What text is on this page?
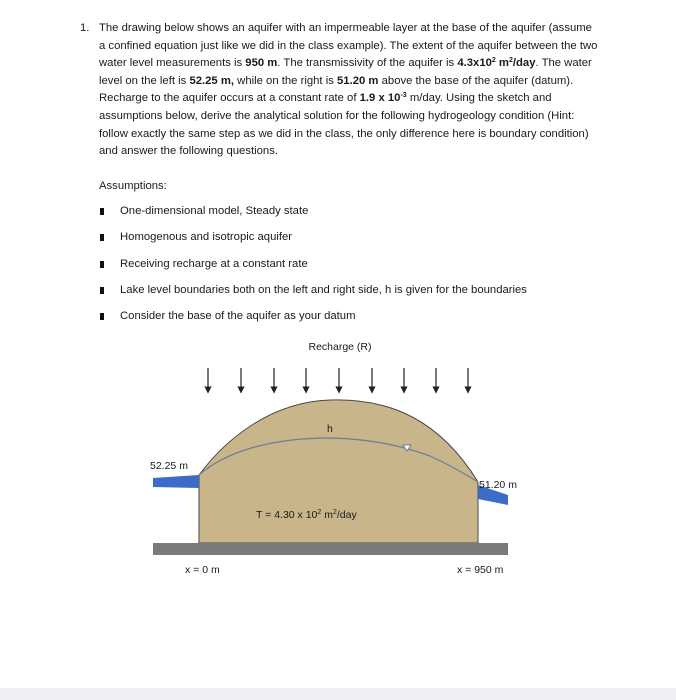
1. The drawing below shows an aquifer with an impermeable layer at the base of the aquifer (assume a confined equation just like we did in the class example). The extent of the aquifer between the two water level measurements is 950 m. The transmissivity of the aquifer is $4.3x10^2$ $m^2$/day. The water level on the left is 52.25 m, while on the right is 51.20 m above the base of the aquifer (datum). Recharge to the aquifer occurs at a constant rate of 1.9 x $10^{-3}$ m/day. Using the sketch and assumptions below, derive the analytical solution for the following hydrogeology condition (Hint: follow exactly the same step as we did in the class, the only difference here is boundary condition) and answer the following questions.
Assumptions:
One-dimensional model, Steady state
Homogenous and isotropic aquifer
Receiving recharge at a constant rate
Lake level boundaries both on the left and right side, h is given for the boundaries
Consider the base of the aquifer as your datum
Recharge (R)
h
52.25 m
51.20 m
T = 4.30 x $10^2$ $m^2$/day
x = 0 m	x = 950 m
